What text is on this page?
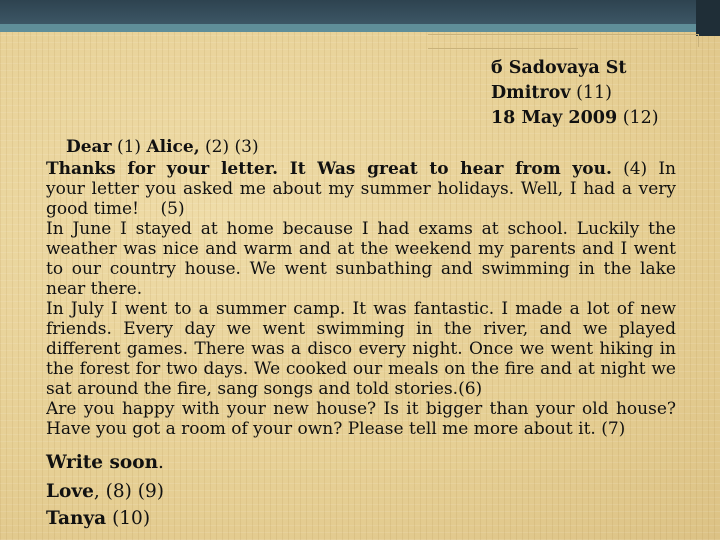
б Sadovaya St
Dmitrov (11)
18 May 2009 (12)
Dear (1) Alice, (2) (3)
Thanks for your letter. It Was great to hear from you. (4) In
your letter you asked me about my summer holidays. Well, I had a very
good time!    (5)
In June I stayed at home because I had exams at school. Luckily the
weather was nice and warm and at the weekend my parents and I went
to our country house. We went sunbathing and swimming in the lake
near there.
In July I went to a summer camp. It was fantastic. I made a lot of new
friends. Every day we went swimming in the river, and we played
different games. There was a disco every night. Once we went hiking in
the forest for two days. We cooked our meals on the fire and at night we
sat around the fire, sang songs and told stories.(6)
Are you happy with your new house? Is it bigger than your old house?
Have you got a room of your own? Please tell me more about it. (7)
Write soon.
Love, (8) (9)
Tanya (10)
